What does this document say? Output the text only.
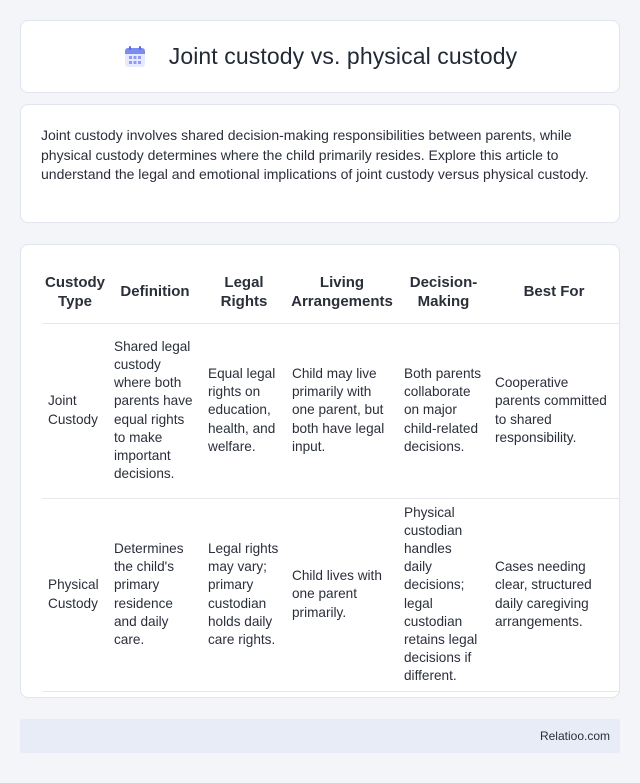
Joint custody vs. physical custody

Joint custody involves shared decision-making responsibilities between parents, while physical custody determines where the child primarily resides. Explore this article to understand the legal and emotional implications of joint custody versus physical custody.

Custody Type	Definition	Legal Rights	Living Arrangements	Decision-Making	Best For
Joint Custody	Shared legal custody where both parents have equal rights to make important decisions.	Equal legal rights on education, health, and welfare.	Child may live primarily with one parent, but both have legal input.	Both parents collaborate on major child-related decisions.	Cooperative parents committed to shared responsibility.
Physical Custody	Determines the child's primary residence and daily care.	Legal rights may vary; primary custodian holds daily care rights.	Child lives with one parent primarily.	Physical custodian handles daily decisions; legal custodian retains legal decisions if different.	Cases needing clear, structured daily caregiving arrangements.
Relatioo.com
